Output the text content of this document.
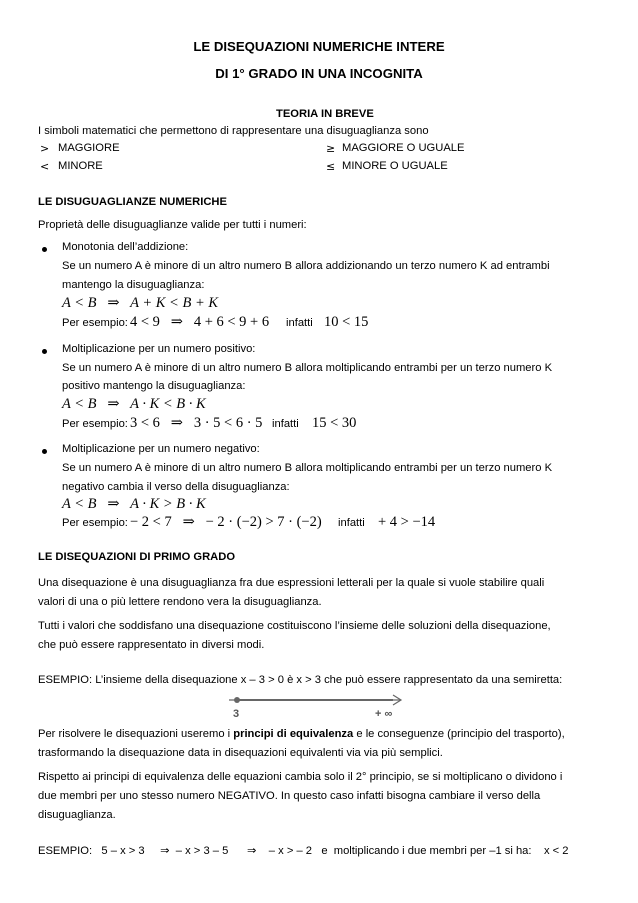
LE DISEQUAZIONI NUMERICHE INTERE
DI 1° GRADO IN UNA INCOGNITA
TEORIA IN BREVE
I simboli matematici che permettono di rappresentare una disuguaglianza sono
> MAGGIORE	≥ MAGGIORE O UGUALE
< MINORE	≤ MINORE O UGUALE
LE DISUGUAGLIANZE NUMERICHE
Proprietà delle disuguaglianze valide per tutti i numeri:
Monotonia dell’addizione:
Se un numero A è minore di un altro numero B allora addizionando un terzo numero K ad entrambi
mantengo la disuguaglianza:
A < B   ⇒   A + K < B + K
Per esempio: 4 < 9   ⇒   4 + 6 < 9 + 6 infatti 10 < 15
Moltiplicazione per un numero positivo:
Se un numero A è minore di un altro numero B allora moltiplicando entrambi per un terzo numero K
positivo mantengo la disuguaglianza:
A < B   ⇒   A · K < B · K
Per esempio: 3 < 6   ⇒   3 · 5 < 6 · 5 infatti 15 < 30
Moltiplicazione per un numero negativo:
Se un numero A è minore di un altro numero B allora moltiplicando entrambi per un terzo numero K
negativo cambia il verso della disuguaglianza:
A < B   ⇒   A · K > B · K
Per esempio: − 2 < 7   ⇒   − 2 · (−2) > 7 · (−2) infatti + 4 > −14
LE DISEQUAZIONI DI PRIMO GRADO
Una disequazione è una disuguaglianza fra due espressioni letterali per la quale si vuole stabilire quali
valori di una o più lettere rendono vera la disuguaglianza.
Tutti i valori che soddisfano una disequazione costituiscono l’insieme delle soluzioni della disequazione,
che può essere rappresentato in diversi modi.
ESEMPIO: L’insieme della disequazione x – 3 > 0 è x > 3 che può essere rappresentato da una semiretta:
3	+ ∞
Per risolvere le disequazioni useremo i principi di equivalenza e le conseguenze (principio del trasporto),
trasformando la disequazione data in disequazioni equivalenti via via più semplici.
Rispetto ai principi di equivalenza delle equazioni cambia solo il 2° principio, se si moltiplicano o dividono i
due membri per uno stesso numero NEGATIVO. In questo caso infatti bisogna cambiare il verso della
disuguaglianza.
ESEMPIO:   5 – x > 3     ⇒  – x > 3 – 5      ⇒    – x > – 2   e  moltiplicando i due membri per –1 si ha:    x < 2
